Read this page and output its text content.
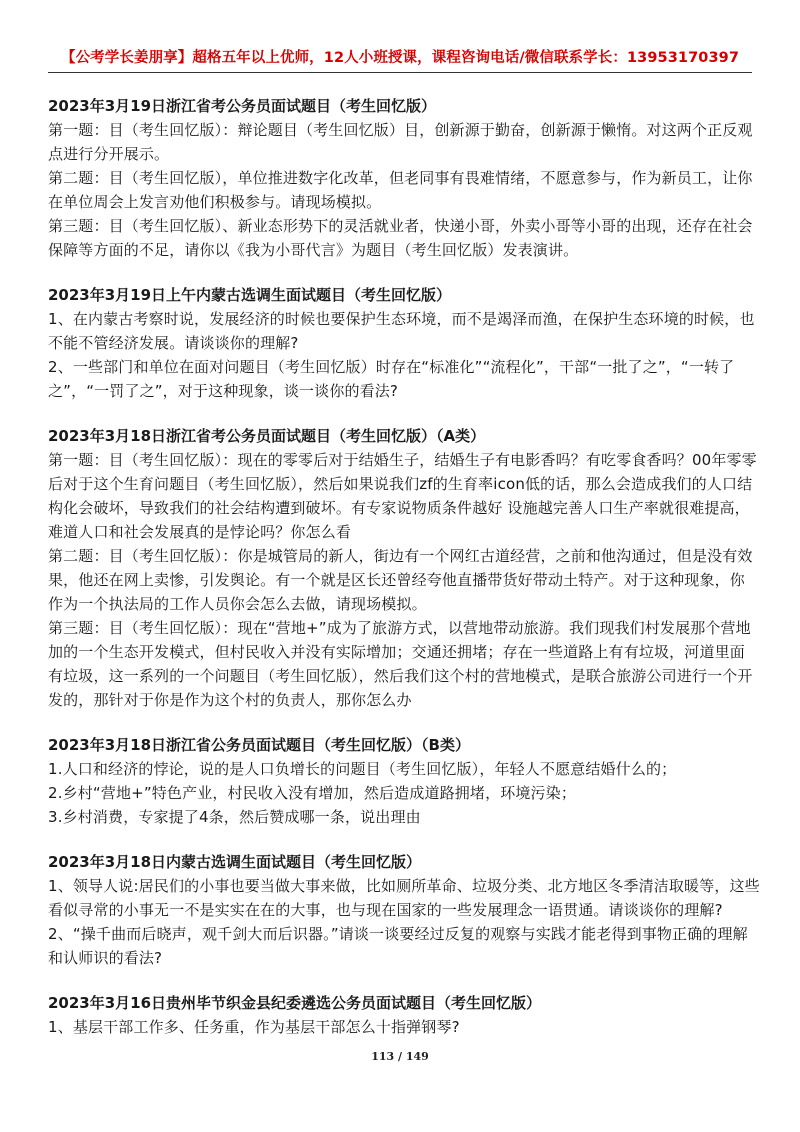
【公考学长姜朋享】超格五年以上优师，12人小班授课，课程咨询电话/微信联系学长：13953170397

2023年3月19日浙江省考公务员面试题目（考生回忆版）

第一题：目（考生回忆版）：辩论题目（考生回忆版）目，创新源于勤奋，创新源于懒惰。对这两个正反观点进行分开展示。

第二题：目（考生回忆版），单位推进数字化改革，但老同事有畏难情绪，不愿意参与，作为新员工，让你在单位周会上发言劝他们积极参与。请现场模拟。

第三题：目（考生回忆版）、新业态形势下的灵活就业者，快递小哥，外卖小哥等小哥的出现，还存在社会保障等方面的不足，请你以《我为小哥代言》为题目（考生回忆版）发表演讲。

2023年3月19日上午内蒙古选调生面试题目（考生回忆版）

1、在内蒙古考察时说，发展经济的时候也要保护生态环境，而不是竭泽而渔，在保护生态环境的时候，也不能不管经济发展。请谈谈你的理解?

2、一些部门和单位在面对问题目（考生回忆版）时存在“标准化”“流程化”，干部“一批了之”，“一转了之”，“一罚了之”，对于这种现象，谈一谈你的看法?

2023年3月18日浙江省考公务员面试题目（考生回忆版）（A类）

第一题：目（考生回忆版）：现在的零零后对于结婚生子，结婚生子有电影香吗？有吃零食香吗？00年零零后对于这个生育问题目（考生回忆版），然后如果说我们zf的生育率icon低的话，那么会造成我们的人口结构化会破坏，导致我们的社会结构遭到破坏。有专家说物质条件越好 设施越完善人口生产率就很难提高，难道人口和社会发展真的是悖论吗？你怎么看

第二题：目（考生回忆版）：你是城管局的新人，街边有一个网红古道经营，之前和他沟通过，但是没有效果，他还在网上卖惨，引发舆论。有一个就是区长还曾经夸他直播带货好带动土特产。对于这种现象，你作为一个执法局的工作人员你会怎么去做，请现场模拟。

第三题：目（考生回忆版）：现在“营地+”成为了旅游方式，以营地带动旅游。我们现我们村发展那个营地加的一个生态开发模式，但村民收入并没有实际增加；交通还拥堵；存在一些道路上有有垃圾，河道里面有垃圾，这一系列的一个问题目（考生回忆版），然后我们这个村的营地模式，是联合旅游公司进行一个开发的，那针对于你是作为这个村的负责人，那你怎么办

2023年3月18日浙江省公务员面试题目（考生回忆版）（B类）

1.人口和经济的悖论，说的是人口负增长的问题目（考生回忆版），年轻人不愿意结婚什么的；

2.乡村“营地+”特色产业，村民收入没有增加，然后造成道路拥堵，环境污染；

3.乡村消费，专家提了4条，然后赞成哪一条，说出理由

2023年3月18日内蒙古选调生面试题目（考生回忆版）

1、领导人说:居民们的小事也要当做大事来做，比如厕所革命、垃圾分类、北方地区冬季清洁取暖等，这些看似寻常的小事无一不是实实在在的大事，也与现在国家的一些发展理念一语贯通。请谈谈你的理解?

2、“操千曲而后晓声，观千剑大而后识器。”请谈一谈要经过反复的观察与实践才能老得到事物正确的理解和认师识的看法?

2023年3月16日贵州毕节织金县纪委遴选公务员面试题目（考生回忆版）

1、基层干部工作多、任务重，作为基层干部怎么十指弹钢琴?

113 / 149
